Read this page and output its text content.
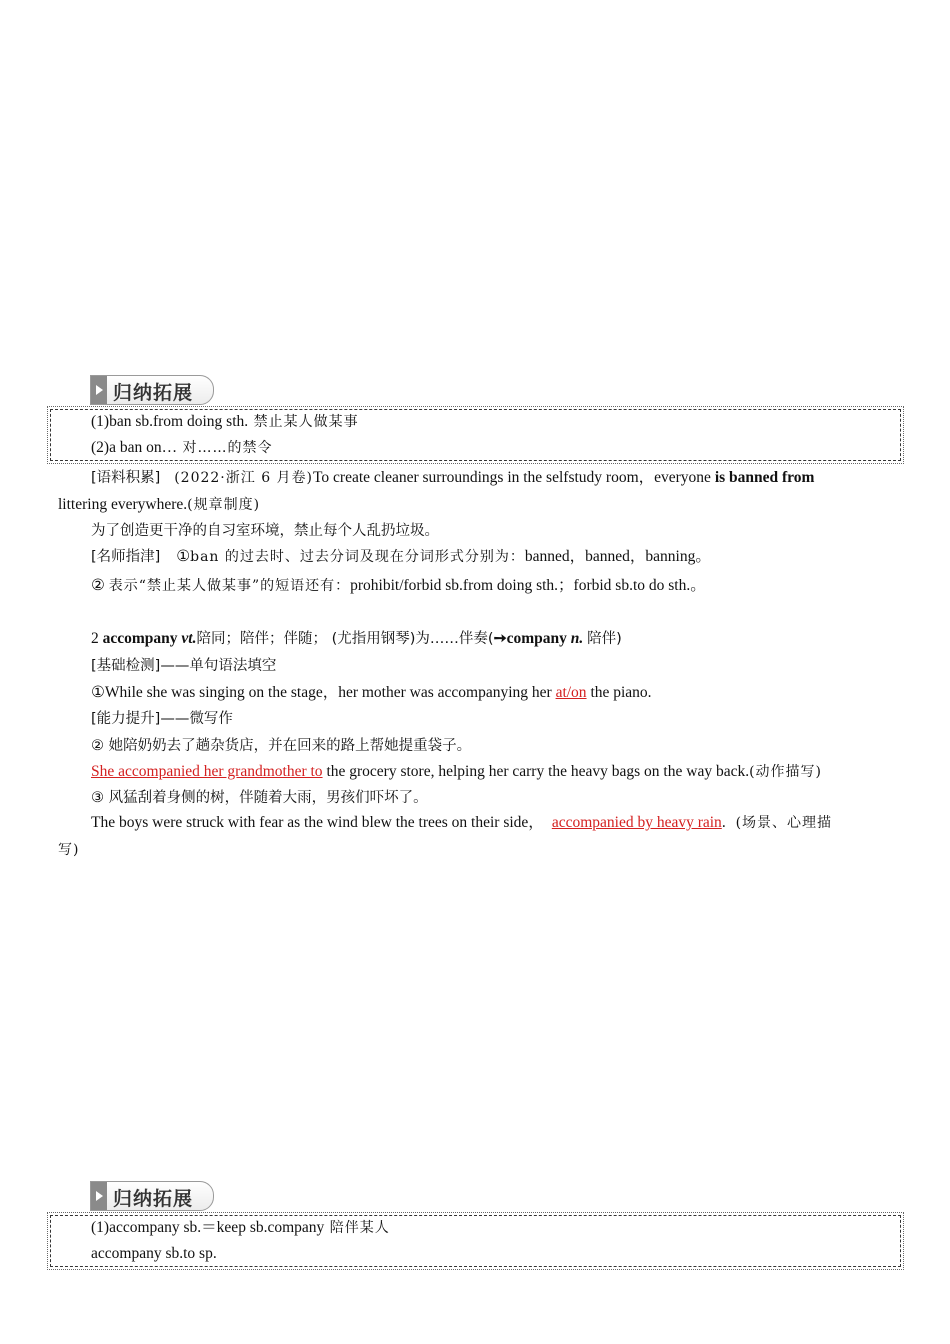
归纳拓展
(1)ban sb.from doing sth. 禁止某人做某事
(2)a ban on… 对……的禁令
[语料积累] (2022·浙江 6 月卷)To create cleaner surroundings in the selfstudy room，everyone is banned from
littering everywhere.(规章制度)
为了创造更干净的自习室环境，禁止每个人乱扔垃圾。
[名师指津] ①ban 的过去时、过去分词及现在分词形式分别为：banned，banned，banning。
② 表示“禁止某人做某事”的短语还有：prohibit/forbid sb.from doing sth.；forbid sb.to do sth.。
2 accompany vt.陪同；陪伴；伴随； (尤指用钢琴)为……伴奏(➙company n. 陪伴)
[基础检测]——单句语法填空
①While she was singing on the stage，her mother was accompanying her at/on the piano.
[能力提升]——微写作
② 她陪奶奶去了趟杂货店，并在回来的路上帮她提重袋子。
She accompanied her grandmother to the grocery store, helping her carry the heavy bags on the way back.(动作描写)
③ 风猛刮着身侧的树，伴随着大雨，男孩们吓坏了。
The boys were struck with fear as the wind blew the trees on their side， accompanied by heavy rain. (场景、心理描
写)
归纳拓展
(1)accompany sb.＝keep sb.company 陪伴某人
accompany sb.to sp.
